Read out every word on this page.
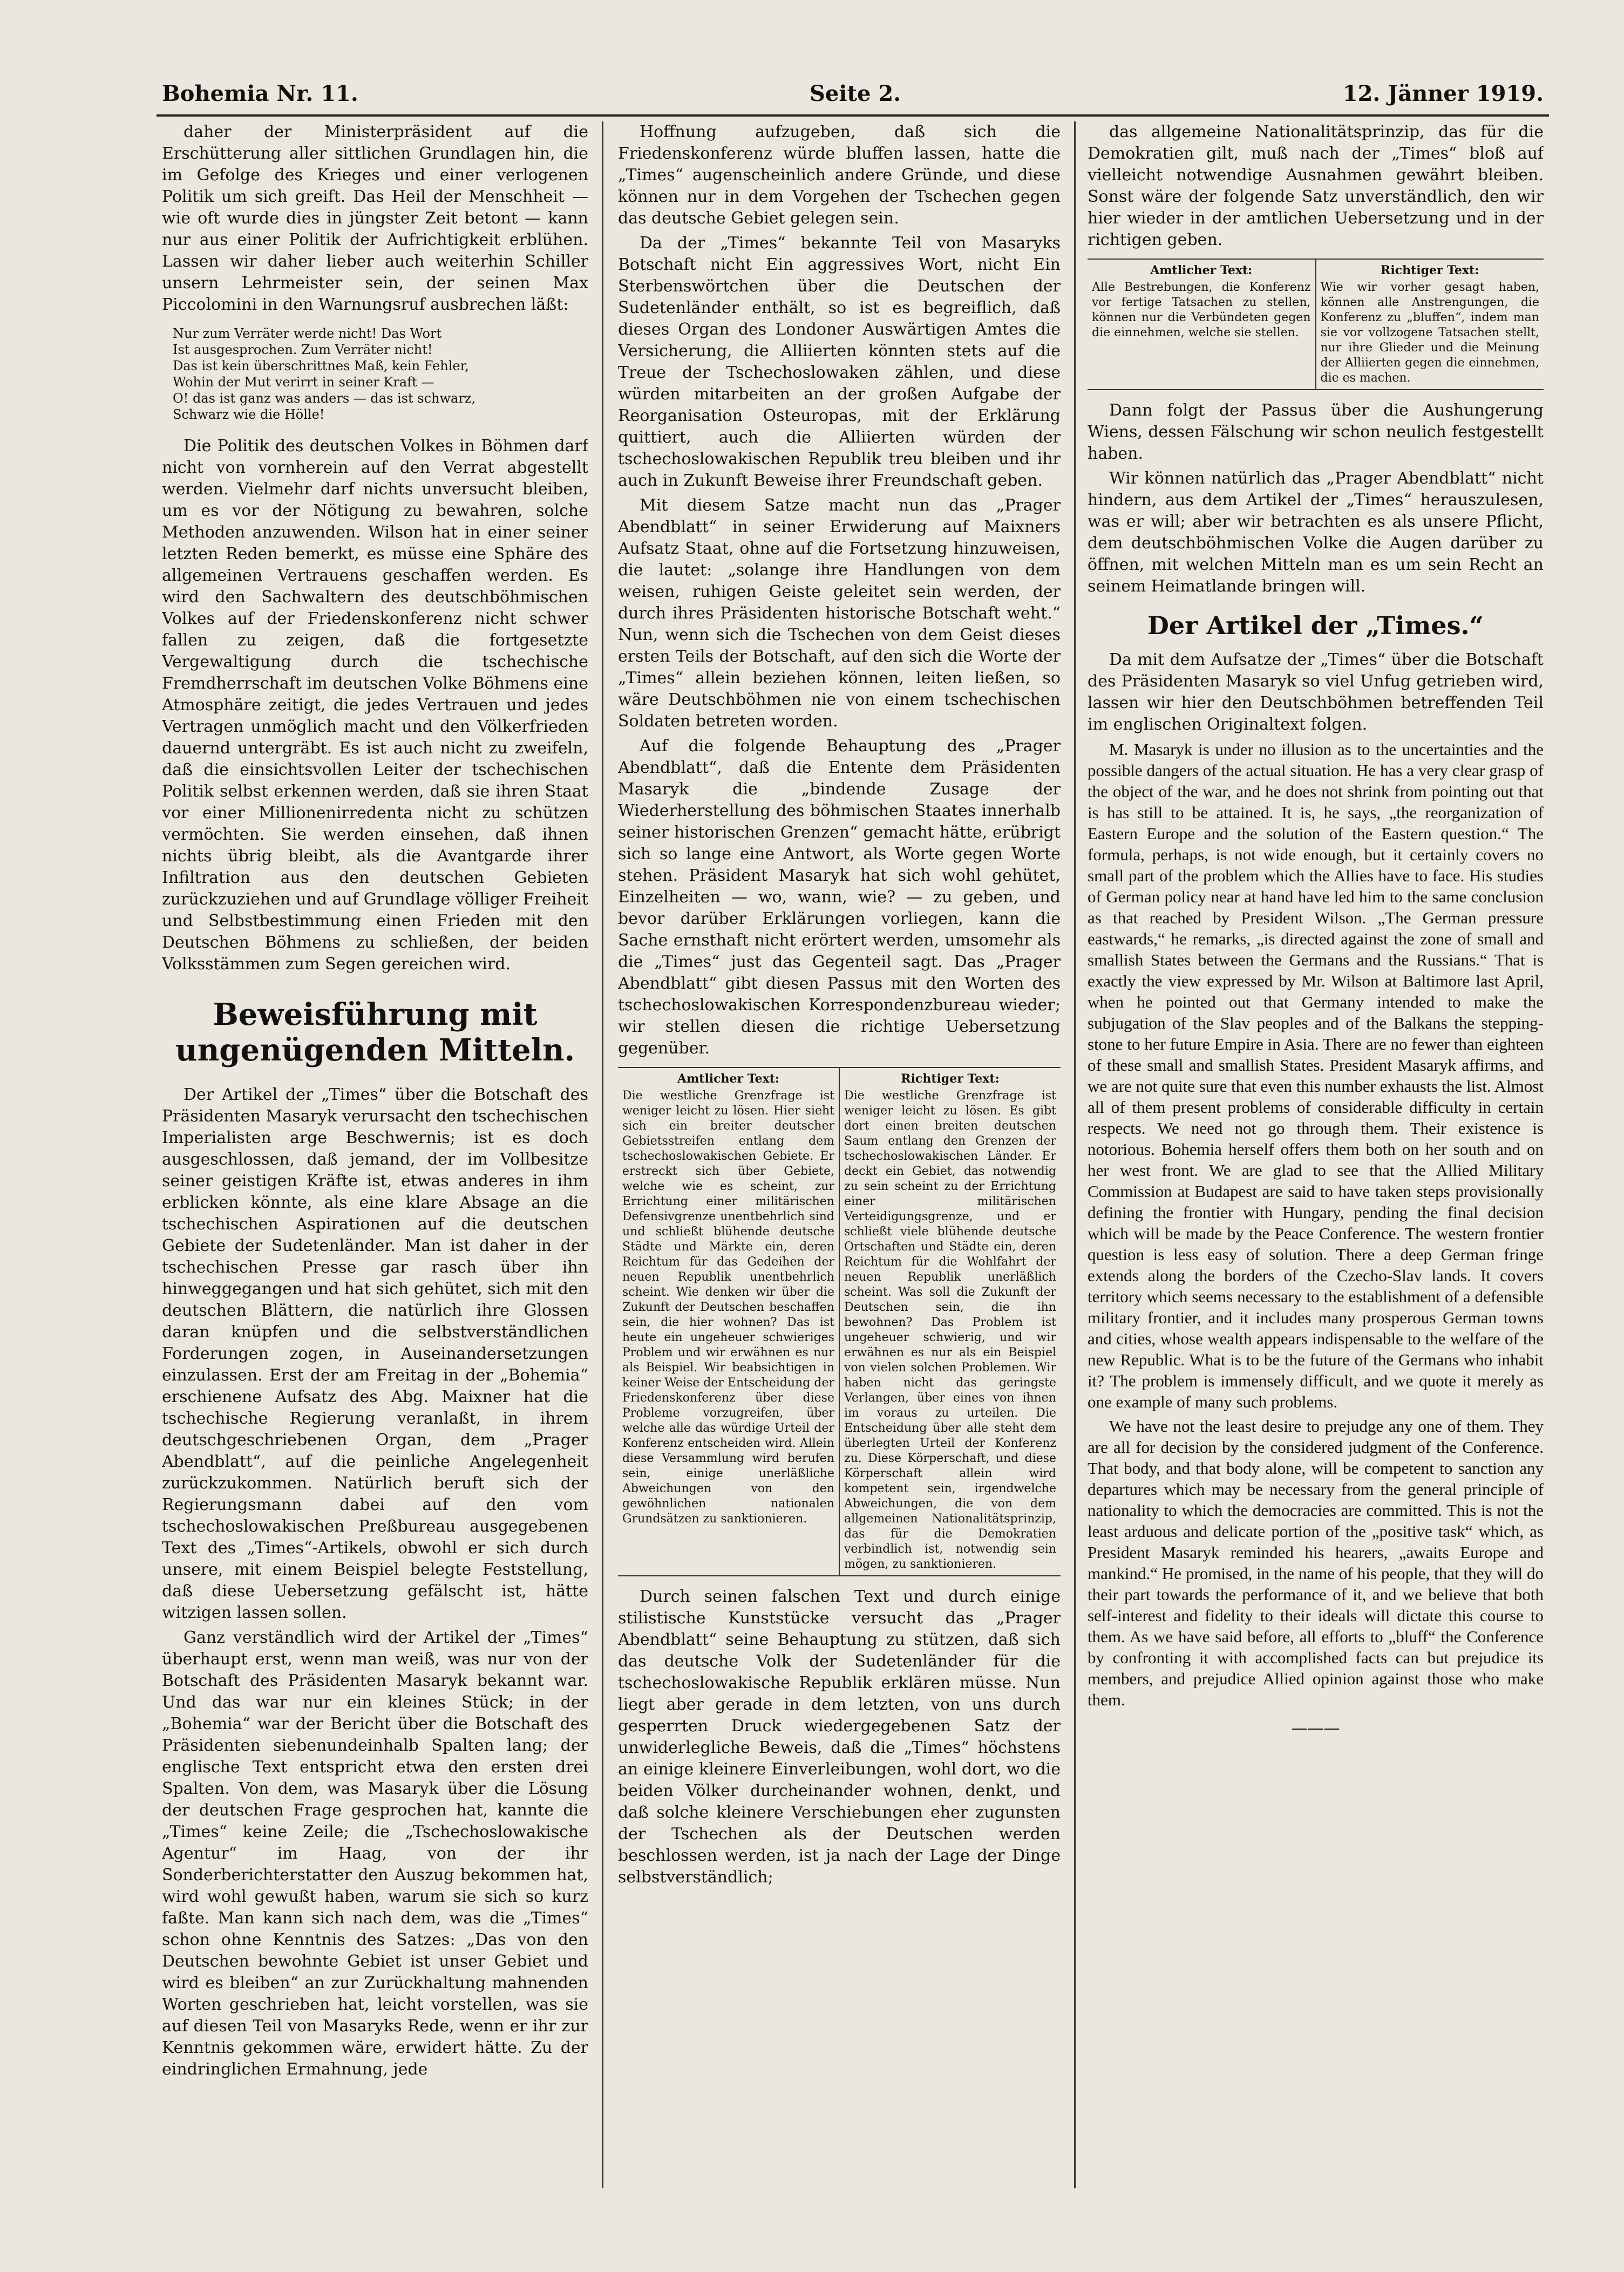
Bohemia Nr. 11.	Seite 2.	12. Jänner 1919.

daher der Ministerpräsident auf die Erschütterung aller sittlichen Grundlagen hin, die im Gefolge des Krieges und einer verlogenen Politik um sich greift. Das Heil der Menschheit — wie oft wurde dies in jüngster Zeit betont — kann nur aus einer Politik der Aufrichtigkeit erblühen. Lassen wir daher lieber auch weiterhin Schiller unsern Lehrmeister sein, der seinen Max Piccolomini in den Warnungsruf ausbrechen läßt:

Nur zum Verräter werde nicht! Das Wort
Ist ausgesprochen. Zum Verräter nicht!
Das ist kein überschrittnes Maß, kein Fehler,
Wohin der Mut verirrt in seiner Kraft —
O! das ist ganz was anders — das ist schwarz,
Schwarz wie die Hölle!

Die Politik des deutschen Volkes in Böhmen darf nicht von vornherein auf den Verrat abgestellt werden. Vielmehr darf nichts unversucht bleiben, um es vor der Nötigung zu bewahren, solche Methoden anzuwenden. Wilson hat in einer seiner letzten Reden bemerkt, es müsse eine Sphäre des allgemeinen Vertrauens geschaffen werden. Es wird den Sachwaltern des deutschböhmischen Volkes auf der Friedenskonferenz nicht schwer fallen zu zeigen, daß die fortgesetzte Vergewaltigung durch die tschechische Fremdherrschaft im deutschen Volke Böhmens eine Atmosphäre zeitigt, die jedes Vertrauen und jedes Vertragen unmöglich macht und den Völkerfrieden dauernd untergräbt. Es ist auch nicht zu zweifeln, daß die einsichtsvollen Leiter der tschechischen Politik selbst erkennen werden, daß sie ihren Staat vor einer Millionenirredenta nicht zu schützen vermöchten. Sie werden einsehen, daß ihnen nichts übrig bleibt, als die Avantgarde ihrer Infiltration aus den deutschen Gebieten zurückzuziehen und auf Grundlage völliger Freiheit und Selbstbestimmung einen Frieden mit den Deutschen Böhmens zu schließen, der beiden Volksstämmen zum Segen gereichen wird.

Beweisführung mit ungenügenden Mitteln.

Der Artikel der „Times“ über die Botschaft des Präsidenten Masaryk verursacht den tschechischen Imperialisten arge Beschwernis; ist es doch ausgeschlossen, daß jemand, der im Vollbesitze seiner geistigen Kräfte ist, etwas anderes in ihm erblicken könnte, als eine klare Absage an die tschechischen Aspirationen auf die deutschen Gebiete der Sudetenländer. Man ist daher in der tschechischen Presse gar rasch über ihn hinweggegangen und hat sich gehütet, sich mit den deutschen Blättern, die natürlich ihre Glossen daran knüpfen und die selbstverständlichen Forderungen zogen, in Auseinandersetzungen einzulassen. Erst der am Freitag in der „Bohemia“ erschienene Aufsatz des Abg. Maixner hat die tschechische Regierung veranlaßt, in ihrem deutschgeschriebenen Organ, dem „Prager Abendblatt“, auf die peinliche Angelegenheit zurückzukommen. Natürlich beruft sich der Regierungsmann dabei auf den vom tschechoslowakischen Preßbureau ausgegebenen Text des „Times“-Artikels, obwohl er sich durch unsere, mit einem Beispiel belegte Feststellung, daß diese Uebersetzung gefälscht ist, hätte witzigen lassen sollen.

Ganz verständlich wird der Artikel der „Times“ überhaupt erst, wenn man weiß, was nur von der Botschaft des Präsidenten Masaryk bekannt war. Und das war nur ein kleines Stück; in der „Bohemia“ war der Bericht über die Botschaft des Präsidenten siebenundeinhalb Spalten lang; der englische Text entspricht etwa den ersten drei Spalten. Von dem, was Masaryk über die Lösung der deutschen Frage gesprochen hat, kannte die „Times“ keine Zeile; die „Tschechoslowakische Agentur“ im Haag, von der ihr Sonderberichterstatter den Auszug bekommen hat, wird wohl gewußt haben, warum sie sich so kurz faßte. Man kann sich nach dem, was die „Times“ schon ohne Kenntnis des Satzes: „Das von den Deutschen bewohnte Gebiet ist unser Gebiet und wird es bleiben“ an zur Zurückhaltung mahnenden Worten geschrieben hat, leicht vorstellen, was sie auf diesen Teil von Masaryks Rede, wenn er ihr zur Kenntnis gekommen wäre, erwidert hätte. Zu der eindringlichen Ermahnung, jede

Hoffnung aufzugeben, daß sich die Friedenskonferenz würde bluffen lassen, hatte die „Times“ augenscheinlich andere Gründe, und diese können nur in dem Vorgehen der Tschechen gegen das deutsche Gebiet gelegen sein.

Da der „Times“ bekannte Teil von Masaryks Botschaft nicht Ein aggressives Wort, nicht Ein Sterbenswörtchen über die Deutschen der Sudetenländer enthält, so ist es begreiflich, daß dieses Organ des Londoner Auswärtigen Amtes die Versicherung, die Alliierten könnten stets auf die Treue der Tschechoslowaken zählen, und diese würden mitarbeiten an der großen Aufgabe der Reorganisation Osteuropas, mit der Erklärung quittiert, auch die Alliierten würden der tschechoslowakischen Republik treu bleiben und ihr auch in Zukunft Beweise ihrer Freundschaft geben.

Mit diesem Satze macht nun das „Prager Abendblatt“ in seiner Erwiderung auf Maixners Aufsatz Staat, ohne auf die Fortsetzung hinzuweisen, die lautet: „solange ihre Handlungen von dem weisen, ruhigen Geiste geleitet sein werden, der durch ihres Präsidenten historische Botschaft weht.“ Nun, wenn sich die Tschechen von dem Geist dieses ersten Teils der Botschaft, auf den sich die Worte der „Times“ allein beziehen können, leiten ließen, so wäre Deutschböhmen nie von einem tschechischen Soldaten betreten worden.

Auf die folgende Behauptung des „Prager Abendblatt“, daß die Entente dem Präsidenten Masaryk die „bindende Zusage der Wiederherstellung des böhmischen Staates innerhalb seiner historischen Grenzen“ gemacht hätte, erübrigt sich so lange eine Antwort, als Worte gegen Worte stehen. Präsident Masaryk hat sich wohl gehütet, Einzelheiten — wo, wann, wie? — zu geben, und bevor darüber Erklärungen vorliegen, kann die Sache ernsthaft nicht erörtert werden, umsomehr als die „Times“ just das Gegenteil sagt. Das „Prager Abendblatt“ gibt diesen Passus mit den Worten des tschechoslowakischen Korrespondenzbureau wieder; wir stellen diesen die richtige Uebersetzung gegenüber.

Amtlicher Text:
Die westliche Grenzfrage ist weniger leicht zu lösen. Hier sieht sich ein breiter deutscher Gebietsstreifen entlang dem tschechoslowakischen Gebiete. Er erstreckt sich über Gebiete, welche wie es scheint, zur Errichtung einer militärischen Defensivgrenze unentbehrlich sind und schließt blühende deutsche Städte und Märkte ein, deren Reichtum für das Gedeihen der neuen Republik unentbehrlich scheint. Wie denken wir über die Zukunft der Deutschen beschaffen sein, die hier wohnen? Das ist heute ein ungeheuer schwieriges Problem und wir erwähnen es nur als Beispiel. Wir beabsichtigen in keiner Weise der Entscheidung der Friedenskonferenz über diese Probleme vorzugreifen, über welche alle das würdige Urteil der Konferenz entscheiden wird. Allein diese Versammlung wird berufen sein, einige unerläßliche Abweichungen von den gewöhnlichen nationalen Grundsätzen zu sanktionieren.
Richtiger Text:
Die westliche Grenzfrage ist weniger leicht zu lösen. Es gibt dort einen breiten deutschen Saum entlang den Grenzen der tschechoslowakischen Länder. Er deckt ein Gebiet, das notwendig zu sein scheint zu der Errichtung einer militärischen Verteidigungsgrenze, und er schließt viele blühende deutsche Ortschaften und Städte ein, deren Reichtum für die Wohlfahrt der neuen Republik unerläßlich scheint. Was soll die Zukunft der Deutschen sein, die ihn bewohnen? Das Problem ist ungeheuer schwierig, und wir erwähnen es nur als ein Beispiel von vielen solchen Problemen. Wir haben nicht das geringste Verlangen, über eines von ihnen im voraus zu urteilen. Die Entscheidung über alle steht dem überlegten Urteil der Konferenz zu. Diese Körperschaft, und diese Körperschaft allein wird kompetent sein, irgendwelche Abweichungen, die von dem allgemeinen Nationalitätsprinzip, das für die Demokratien verbindlich ist, notwendig sein mögen, zu sanktionieren.

Durch seinen falschen Text und durch einige stilistische Kunststücke versucht das „Prager Abendblatt“ seine Behauptung zu stützen, daß sich das deutsche Volk der Sudetenländer für die tschechoslowakische Republik erklären müsse. Nun liegt aber gerade in dem letzten, von uns durch gesperrten Druck wiedergegebenen Satz der unwiderlegliche Beweis, daß die „Times“ höchstens an einige kleinere Einverleibungen, wohl dort, wo die beiden Völker durcheinander wohnen, denkt, und daß solche kleinere Verschiebungen eher zugunsten der Tschechen als der Deutschen werden beschlossen werden, ist ja nach der Lage der Dinge selbstverständlich;

das allgemeine Nationalitätsprinzip, das für die Demokratien gilt, muß nach der „Times“ bloß auf vielleicht notwendige Ausnahmen gewährt bleiben. Sonst wäre der folgende Satz unverständlich, den wir hier wieder in der amtlichen Uebersetzung und in der richtigen geben.

Amtlicher Text:
Alle Bestrebungen, die Konferenz vor fertige Tatsachen zu stellen, können nur die Verbündeten gegen die einnehmen, welche sie stellen.
Richtiger Text:
Wie wir vorher gesagt haben, können alle Anstrengungen, die Konferenz zu „bluffen“, indem man sie vor vollzogene Tatsachen stellt, nur ihre Glieder und die Meinung der Alliierten gegen die einnehmen, die es machen.

Dann folgt der Passus über die Aushungerung Wiens, dessen Fälschung wir schon neulich festgestellt haben.

Wir können natürlich das „Prager Abendblatt“ nicht hindern, aus dem Artikel der „Times“ herauszulesen, was er will; aber wir betrachten es als unsere Pflicht, dem deutschböhmischen Volke die Augen darüber zu öffnen, mit welchen Mitteln man es um sein Recht an seinem Heimatlande bringen will.

Der Artikel der „Times.“

Da mit dem Aufsatze der „Times“ über die Botschaft des Präsidenten Masaryk so viel Unfug getrieben wird, lassen wir hier den Deutschböhmen betreffenden Teil im englischen Originaltext folgen.

M. Masaryk is under no illusion as to the uncertainties and the possible dangers of the actual situation. He has a very clear grasp of the object of the war, and he does not shrink from pointing out that is has still to be attained. It is, he says, „the reorganization of Eastern Europe and the solution of the Eastern question.“ The formula, perhaps, is not wide enough, but it certainly covers no small part of the problem which the Allies have to face. His studies of German policy near at hand have led him to the same conclusion as that reached by President Wilson. „The German pressure eastwards,“ he remarks, „is directed against the zone of small and smallish States between the Germans and the Russians.“ That is exactly the view expressed by Mr. Wilson at Baltimore last April, when he pointed out that Germany intended to make the subjugation of the Slav peoples and of the Balkans the stepping-stone to her future Empire in Asia. There are no fewer than eighteen of these small and smallish States. President Masaryk affirms, and we are not quite sure that even this number exhausts the list. Almost all of them present problems of considerable difficulty in certain respects. We need not go through them. Their existence is notorious. Bohemia herself offers them both on her south and on her west front. We are glad to see that the Allied Military Commission at Budapest are said to have taken steps provisionally defining the frontier with Hungary, pending the final decision which will be made by the Peace Conference. The western frontier question is less easy of solution. There a deep German fringe extends along the borders of the Czecho-Slav lands. It covers territory which seems necessary to the establishment of a defensible military frontier, and it includes many prosperous German towns and cities, whose wealth appears indispensable to the welfare of the new Republic. What is to be the future of the Germans who inhabit it? The problem is immensely difficult, and we quote it merely as one example of many such problems.

We have not the least desire to prejudge any one of them. They are all for decision by the considered judgment of the Conference. That body, and that body alone, will be competent to sanction any departures which may be necessary from the general principle of nationality to which the democracies are committed. This is not the least arduous and delicate portion of the „positive task“ which, as President Masaryk reminded his hearers, „awaits Europe and mankind.“ He promised, in the name of his people, that they will do their part towards the performance of it, and we believe that both self-interest and fidelity to their ideals will dictate this course to them. As we have said before, all efforts to „bluff“ the Conference by confronting it with accomplished facts can but prejudice its members, and prejudice Allied opinion against those who make them.

———
